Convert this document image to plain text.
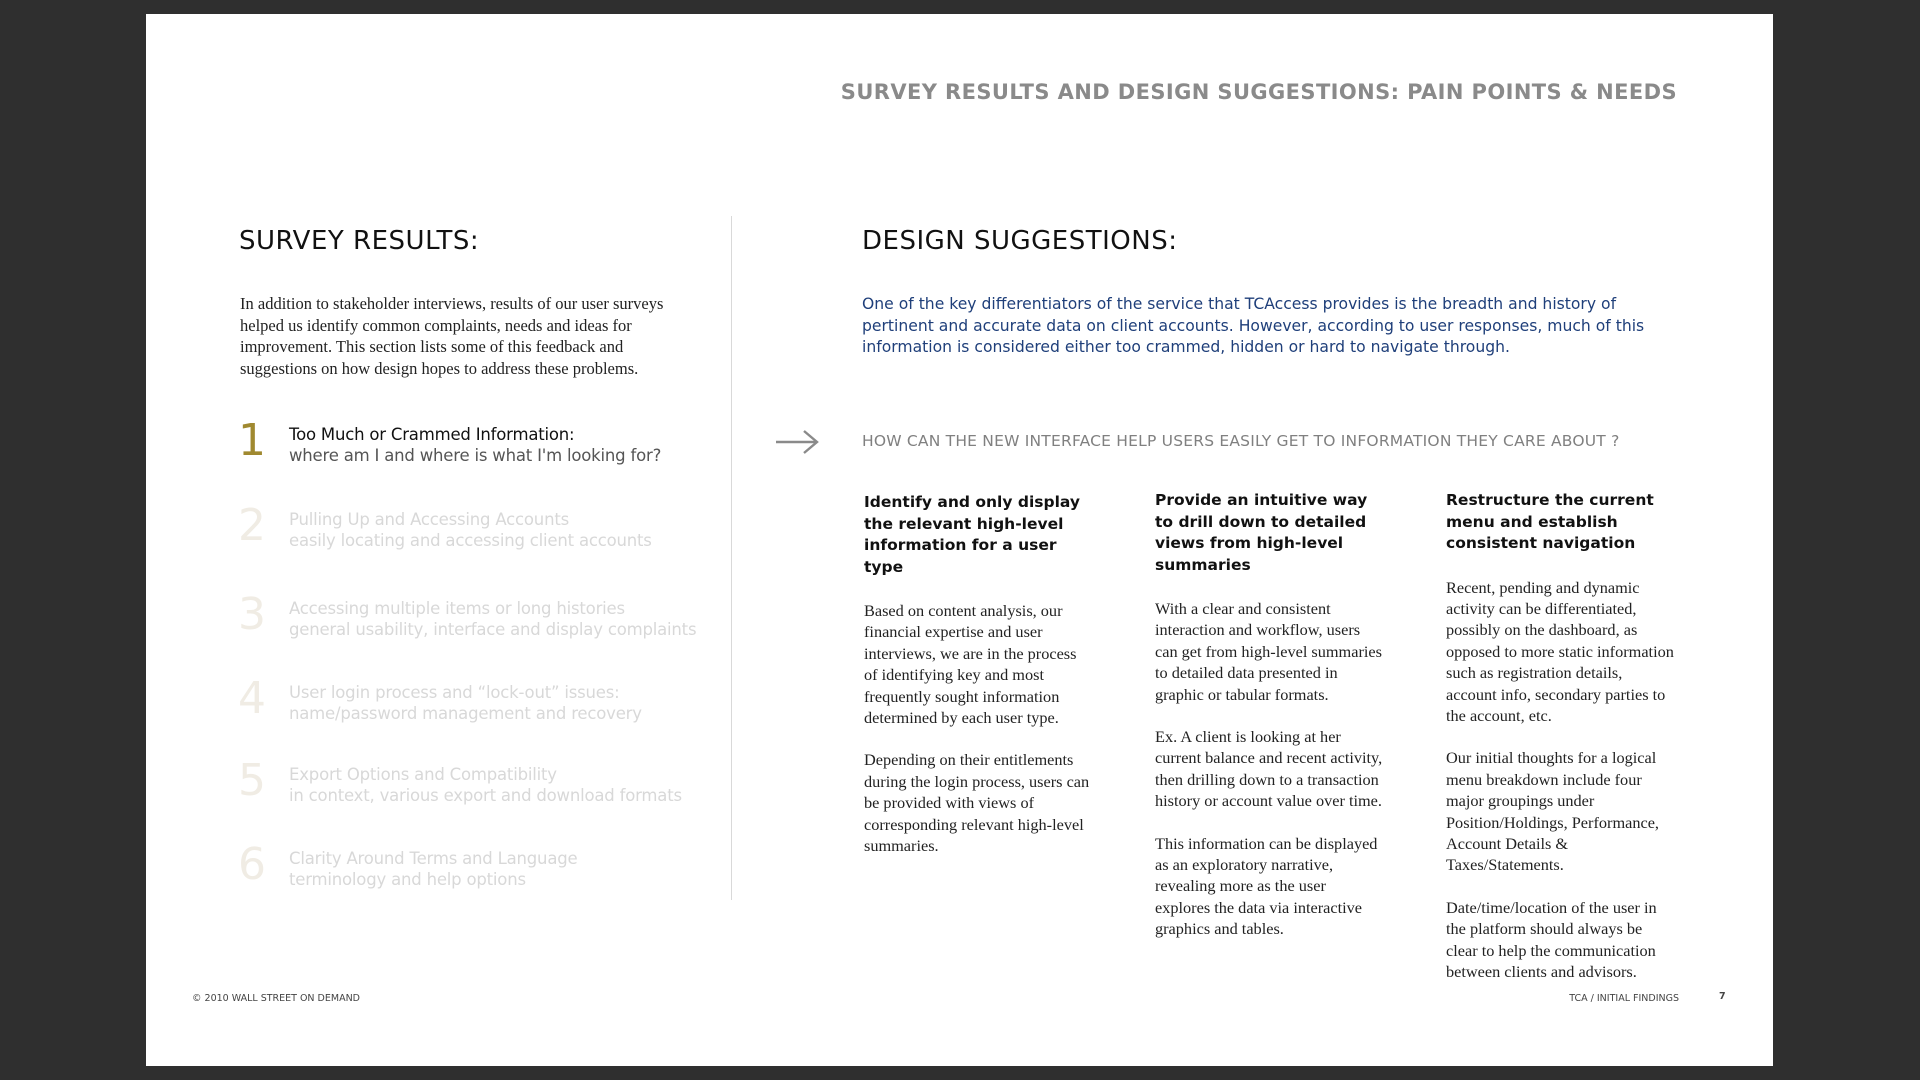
SURVEY RESULTS AND DESIGN SUGGESTIONS: PAIN POINTS & NEEDS
SURVEY RESULTS:
In addition to stakeholder interviews, results of our user surveys helped us identify common complaints, needs and ideas for improvement. This section lists some of this feedback and suggestions on how design hopes to address these problems.
1 Too Much or Crammed Information:
where am I and where is what I'm looking for?
2 Pulling Up and Accessing Accounts
easily locating and accessing client accounts
3 Accessing multiple items or long histories
general usability, interface and display complaints
4 User login process and “lock-out” issues:
name/password management and recovery
5 Export Options and Compatibility
in context, various export and download formats
6 Clarity Around Terms and Language
terminology and help options
DESIGN SUGGESTIONS:
One of the key differentiators of the service that TCAccess provides is the breadth and history of pertinent and accurate data on client accounts. However, according to user responses, much of this information is considered either too crammed, hidden or hard to navigate through.
HOW CAN THE NEW INTERFACE HELP USERS EASILY GET TO INFORMATION THEY CARE ABOUT ?
Identify and only display the relevant high-level information for a user type

Based on content analysis, our financial expertise and user interviews, we are in the process of identifying key and most frequently sought information determined by each user type.

Depending on their entitlements during the login process, users can be provided with views of corresponding relevant high-level summaries.

Provide an intuitive way to drill down to detailed views from high-level summaries

With a clear and consistent interaction and workflow, users can get from high-level summaries to detailed data presented in graphic or tabular formats.

Ex. A client is looking at her current balance and recent activity, then drilling down to a transaction history or account value over time.

This information can be displayed as an exploratory narrative, revealing more as the user explores the data via interactive graphics and tables.

Restructure the current menu and establish consistent navigation

Recent, pending and dynamic activity can be differentiated, possibly on the dashboard, as opposed to more static information such as registration details, account info, secondary parties to the account, etc.

Our initial thoughts for a logical menu breakdown include four major groupings under Position/Holdings, Performance, Account Details & Taxes/Statements.

Date/time/location of the user in the platform should always be clear to help the communication between clients and advisors.

© 2010 WALL STREET ON DEMAND	TCA / INITIAL FINDINGS	7
